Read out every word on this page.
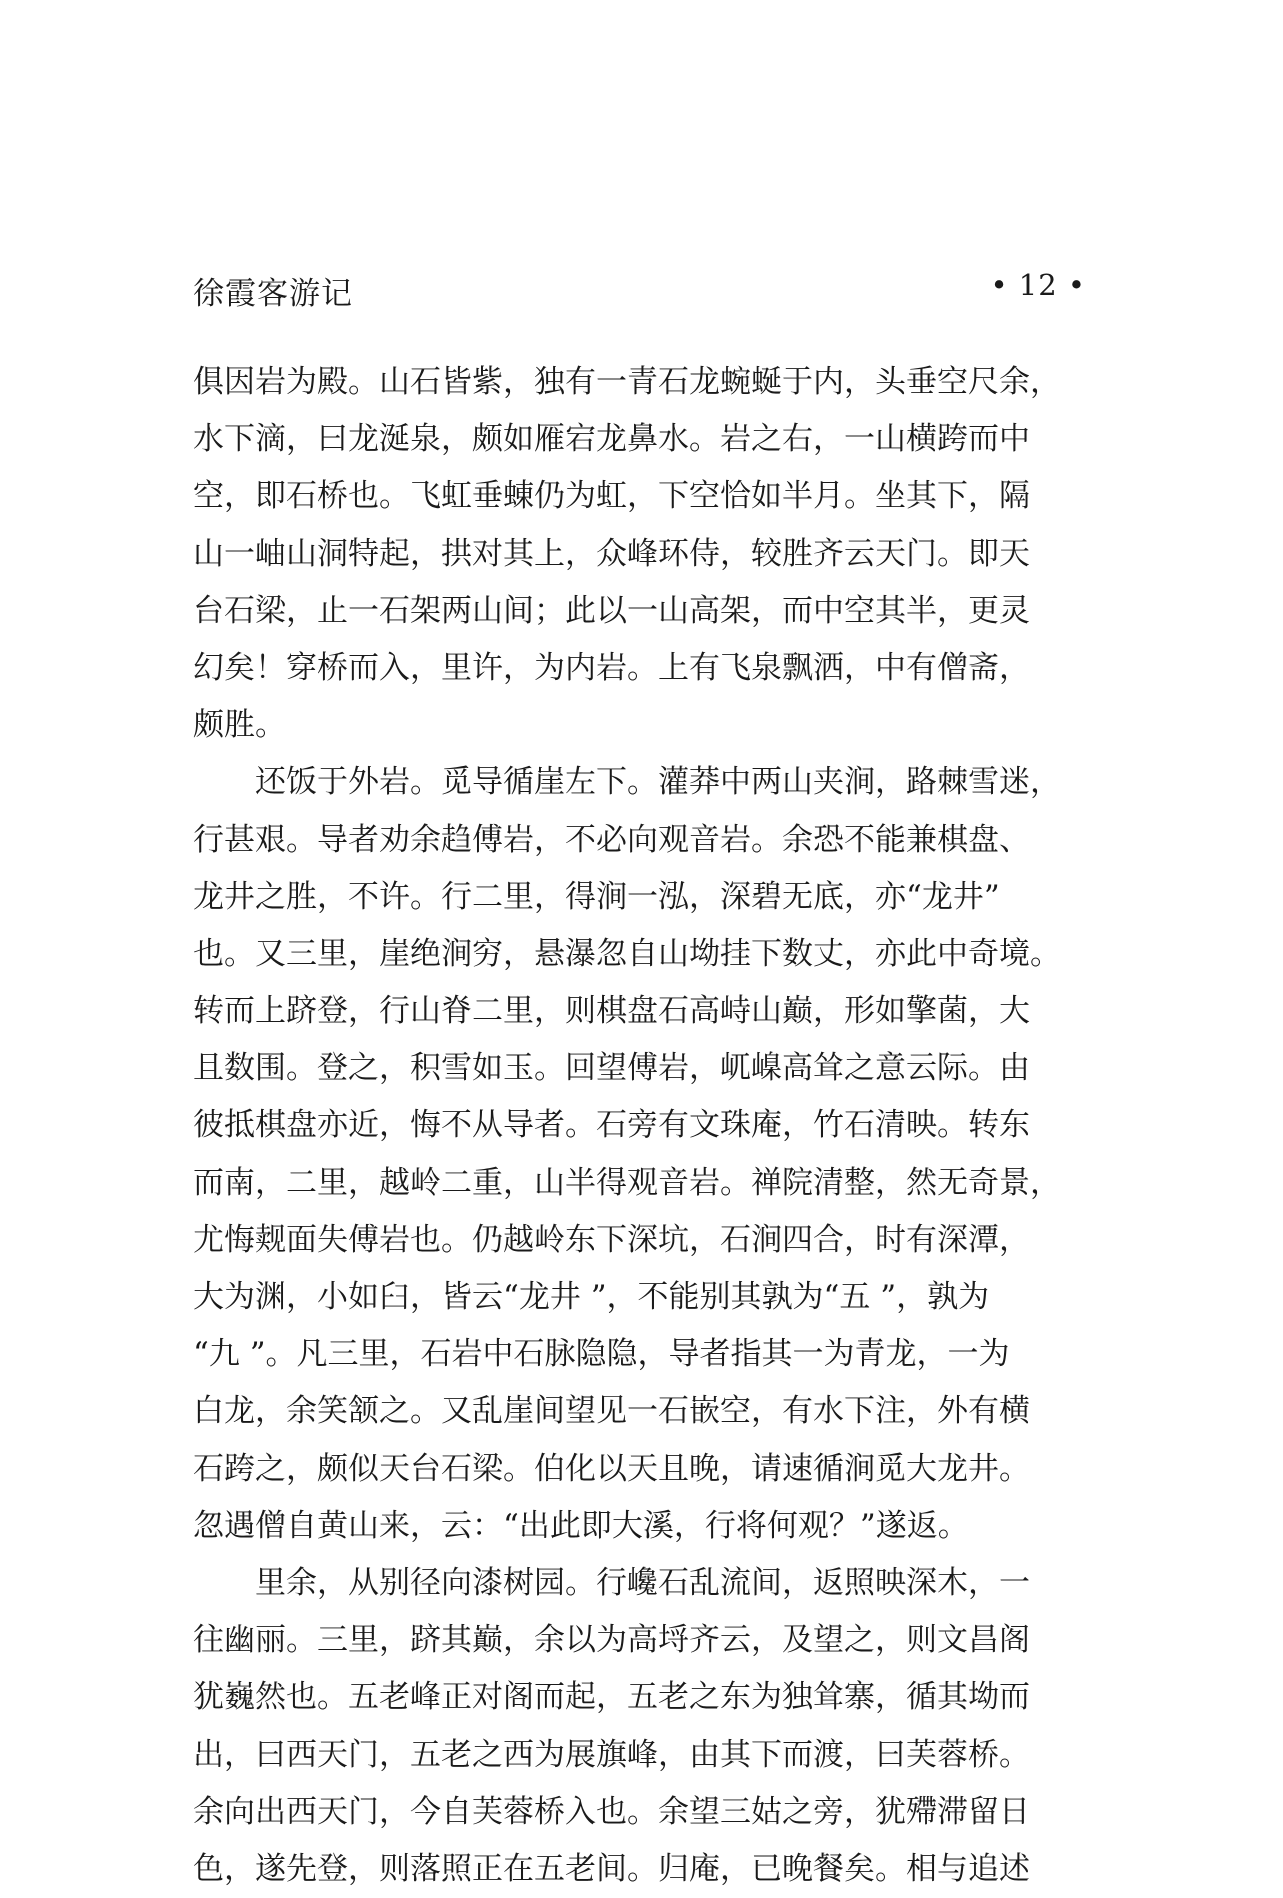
徐霞客游记	• 12 •
俱因岩为殿。山石皆紫，独有一青石龙蜿蜒于内，头垂空尺余，
水下滴，曰龙涎泉，颇如雁宕龙鼻水。岩之右，一山横跨而中
空，即石桥也。飞虹垂蝀仍为虹，下空恰如半月。坐其下，隔
山一岫山洞特起，拱对其上，众峰环侍，较胜齐云天门。即天
台石梁，止一石架两山间；此以一山高架，而中空其半，更灵
幻矣！穿桥而入，里许，为内岩。上有飞泉飘洒，中有僧斋，
颇胜。
　　还饭于外岩。觅导循崖左下。灌莽中两山夹涧，路棘雪迷，
行甚艰。导者劝余趋傅岩，不必向观音岩。余恐不能兼棋盘、
龙井之胜，不许。行二里，得涧一泓，深碧无底，亦“龙井”
也。又三里，崖绝涧穷，悬瀑忽自山坳挂下数丈，亦此中奇境。
转而上跻登，行山脊二里，则棋盘石高峙山巅，形如擎菌，大
且数围。登之，积雪如玉。回望傅岩，屼嵲高耸之意云际。由
彼抵棋盘亦近，悔不从导者。石旁有文珠庵，竹石清映。转东
而南，二里，越岭二重，山半得观音岩。禅院清整，然无奇景，
尤悔觌面失傅岩也。仍越岭东下深坑，石涧四合，时有深潭，
大为渊，小如臼，皆云“龙井 ”，不能别其孰为“五 ”，孰为
“九 ”。凡三里，石岩中石脉隐隐，导者指其一为青龙，一为
白龙，余笑颔之。又乱崖间望见一石嵌空，有水下注，外有横
石跨之，颇似天台石梁。伯化以天且晚，请速循涧觅大龙井。
忽遇僧自黄山来，云：“出此即大溪，行将何观？”遂返。
　　里余，从别径向漆树园。行巉石乱流间，返照映深木，一
往幽丽。三里，跻其巅，余以为高埒齐云，及望之，则文昌阁
犹巍然也。五老峰正对阁而起，五老之东为独耸寨，循其坳而
出，曰西天门，五老之西为展旗峰，由其下而渡，曰芙蓉桥。
余向出西天门，今自芙蓉桥入也。余望三姑之旁，犹殢滞留日
色，遂先登，则落照正在五老间。归庵，已晚餐矣。相与追述
